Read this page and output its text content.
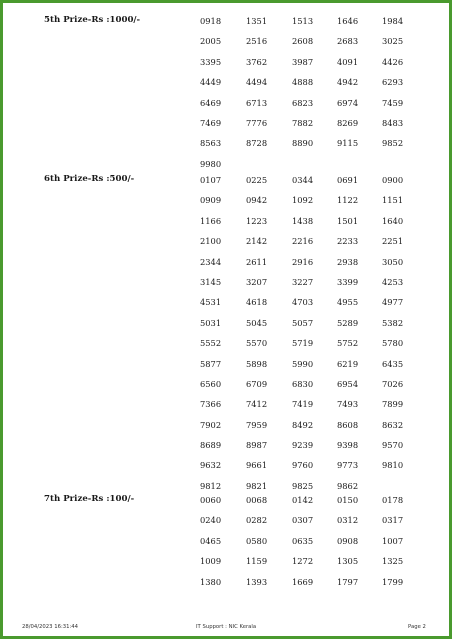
5th Prize-Rs :1000/-	0918	1351	1513	1646	1984
2005	2516	2608	2683	3025
3395	3762	3987	4091	4426
4449	4494	4888	4942	6293
6469	6713	6823	6974	7459
7469	7776	7882	8269	8483
8563	8728	8890	9115	9852
9980
6th Prize-Rs :500/-	0107	0225	0344	0691	0900
0909	0942	1092	1122	1151
1166	1223	1438	1501	1640
2100	2142	2216	2233	2251
2344	2611	2916	2938	3050
3145	3207	3227	3399	4253
4531	4618	4703	4955	4977
5031	5045	5057	5289	5382
5552	5570	5719	5752	5780
5877	5898	5990	6219	6435
6560	6709	6830	6954	7026
7366	7412	7419	7493	7899
7902	7959	8492	8608	8632
8689	8987	9239	9398	9570
9632	9661	9760	9773	9810
9812	9821	9825	9862
7th Prize-Rs :100/-	0060	0068	0142	0150	0178
0240	0282	0307	0312	0317
0465	0580	0635	0908	1007
1009	1159	1272	1305	1325
1380	1393	1669	1797	1799
28/04/2023 16:31:44	IT Support : NIC Kerala	Page 2
